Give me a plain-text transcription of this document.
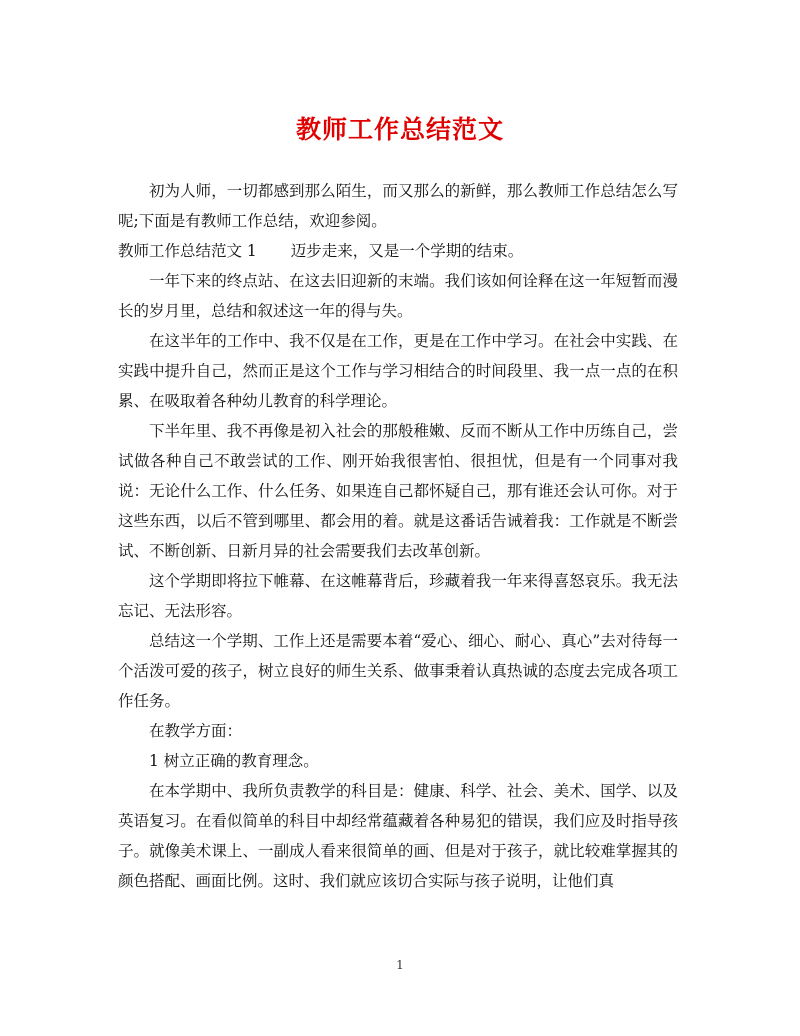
教师工作总结范文

初为人师，一切都感到那么陌生，而又那么的新鲜，那么教师工作总结怎么写呢;下面是有教师工作总结，欢迎参阅。

教师工作总结范文 1 迈步走来，又是一个学期的结束。

一年下来的终点站、在这去旧迎新的末端。我们该如何诠释在这一年短暂而漫长的岁月里，总结和叙述这一年的得与失。

在这半年的工作中、我不仅是在工作，更是在工作中学习。在社会中实践、在实践中提升自己，然而正是这个工作与学习相结合的时间段里、我一点一点的在积累、在吸取着各种幼儿教育的科学理论。

下半年里、我不再像是初入社会的那般稚嫩、反而不断从工作中历练自己，尝试做各种自己不敢尝试的工作、刚开始我很害怕、很担忧，但是有一个同事对我说：无论什么工作、什么任务、如果连自己都怀疑自己，那有谁还会认可你。对于这些东西，以后不管到哪里、都会用的着。就是这番话告诫着我：工作就是不断尝试、不断创新、日新月异的社会需要我们去改革创新。

这个学期即将拉下帷幕、在这帷幕背后，珍藏着我一年来得喜怒哀乐。我无法忘记、无法形容。

总结这一个学期、工作上还是需要本着“爱心、细心、耐心、真心”去对待每一个活泼可爱的孩子，树立良好的师生关系、做事秉着认真热诚的态度去完成各项工作任务。

在教学方面：

1 树立正确的教育理念。

在本学期中、我所负责教学的科目是：健康、科学、社会、美术、国学、以及英语复习。在看似简单的科目中却经常蕴藏着各种易犯的错误，我们应及时指导孩子。就像美术课上、一副成人看来很简单的画、但是对于孩子，就比较难掌握其的颜色搭配、画面比例。这时、我们就应该切合实际与孩子说明，让他们真

1
